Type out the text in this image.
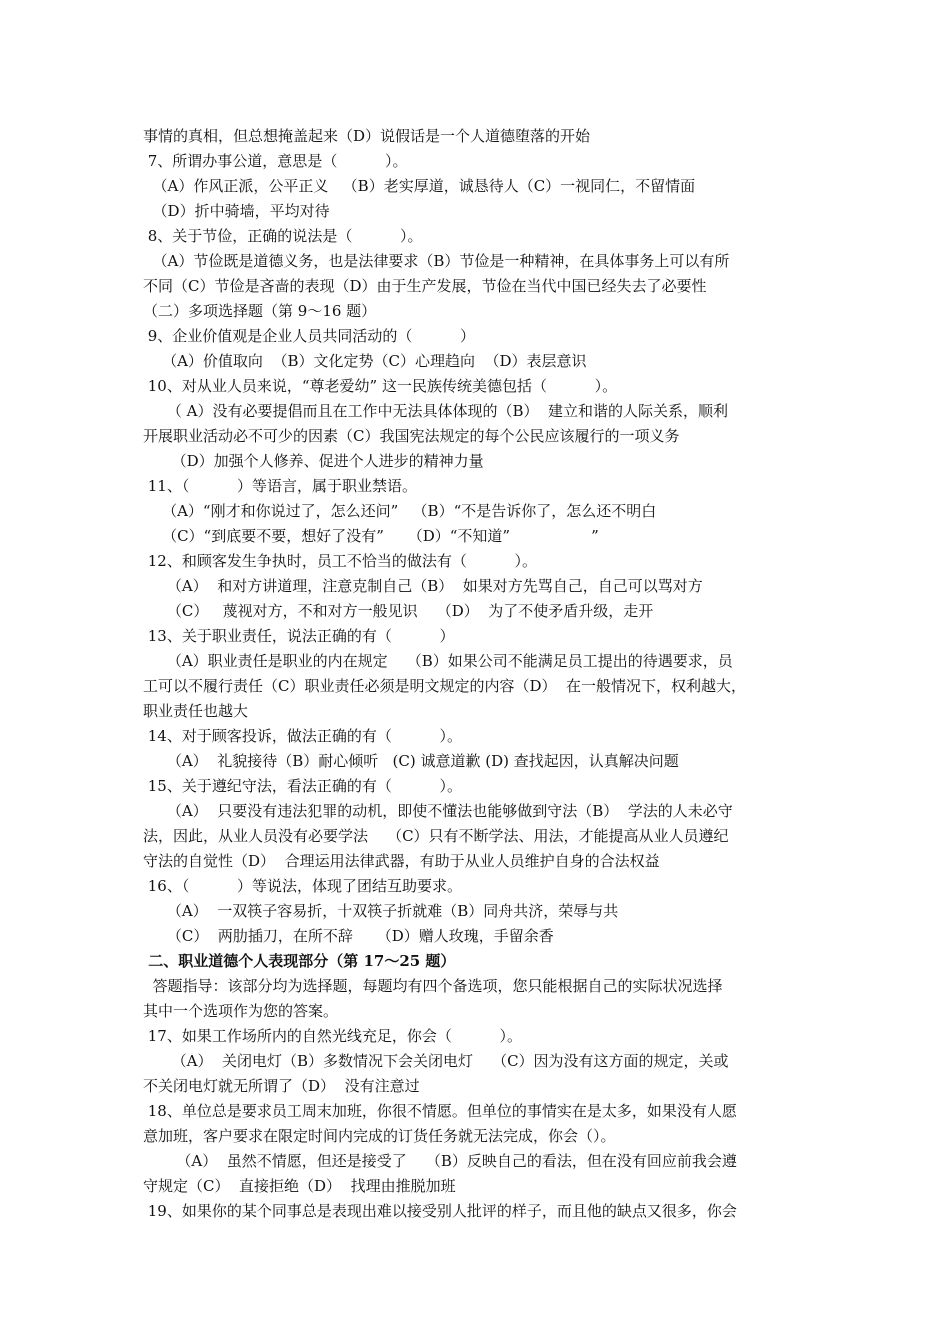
事情的真相，但总想掩盖起来（D）说假话是一个人道德堕落的开始
7、所谓办事公道，意思是（          ）。
（A）作风正派，公平正义   （B）老实厚道，诚恳待人（C）一视同仁，不留情面
（D）折中骑墙，平均对待
8、关于节俭，正确的说法是（          ）。
（A）节俭既是道德义务，也是法律要求（B）节俭是一种精神，在具体事务上可以有所
不同（C）节俭是吝啬的表现（D）由于生产发展，节俭在当代中国已经失去了必要性
（二）多项选择题（第 9～16 题）
9、企业价值观是企业人员共同活动的（          ）
（A）价值取向  （B）文化定势（C）心理趋向  （D）表层意识
10、对从业人员来说，“尊老爱幼” 这一民族传统美德包括（          ）。
（ A）没有必要提倡而且在工作中无法具体体现的（B）  建立和谐的人际关系，顺利
开展职业活动必不可少的因素（C）我国宪法规定的每个公民应该履行的一项义务
（D）加强个人修养、促进个人进步的精神力量
11、（          ）等语言，属于职业禁语。
（A）“刚才和你说过了，怎么还问”   （B）“不是告诉你了，怎么还不明白
（C）“到底要不要，想好了没有”     （D）“不知道”                 ”
12、和顾客发生争执时，员工不恰当的做法有（          ）。
（A）  和对方讲道理，注意克制自己（B）  如果对方先骂自己，自己可以骂对方
（C）   蔑视对方，不和对方一般见识    （D）  为了不使矛盾升级，走开
13、关于职业责任，说法正确的有（          ）
（A）职业责任是职业的内在规定    （B）如果公司不能满足员工提出的待遇要求，员
工可以不履行责任（C）职业责任必须是明文规定的内容（D）  在一般情况下，权利越大，
职业责任也越大
14、对于顾客投诉，做法正确的有（          ）。
（A）  礼貌接待（B）耐心倾听   (C) 诚意道歉 (D) 查找起因，认真解决问题
15、关于遵纪守法，看法正确的有（          ）。
（A）  只要没有违法犯罪的动机，即使不懂法也能够做到守法（B）  学法的人未必守
法，因此，从业人员没有必要学法    （C）只有不断学法、用法，才能提高从业人员遵纪
守法的自觉性（D）  合理运用法律武器，有助于从业人员维护自身的合法权益
16、（          ）等说法，体现了团结互助要求。
（A）  一双筷子容易折，十双筷子折就难（B）同舟共济，荣辱与共
（C）  两肋插刀，在所不辞     （D）赠人玫瑰，手留余香
二、职业道德个人表现部分（第 17～25 题）
答题指导：该部分均为选择题，每题均有四个备选项，您只能根据自己的实际状况选择
其中一个选项作为您的答案。
17、如果工作场所内的自然光线充足，你会（          ）。
（A）  关闭电灯（B）多数情况下会关闭电灯    （C）因为没有这方面的规定，关或
不关闭电灯就无所谓了（D）  没有注意过
18、单位总是要求员工周末加班，你很不情愿。但单位的事情实在是太多，如果没有人愿
意加班，客户要求在限定时间内完成的订货任务就无法完成，你会（）。
（A）  虽然不情愿，但还是接受了    （B）反映自己的看法，但在没有回应前我会遵
守规定（C）  直接拒绝（D）  找理由推脱加班
19、如果你的某个同事总是表现出难以接受别人批评的样子，而且他的缺点又很多，你会
